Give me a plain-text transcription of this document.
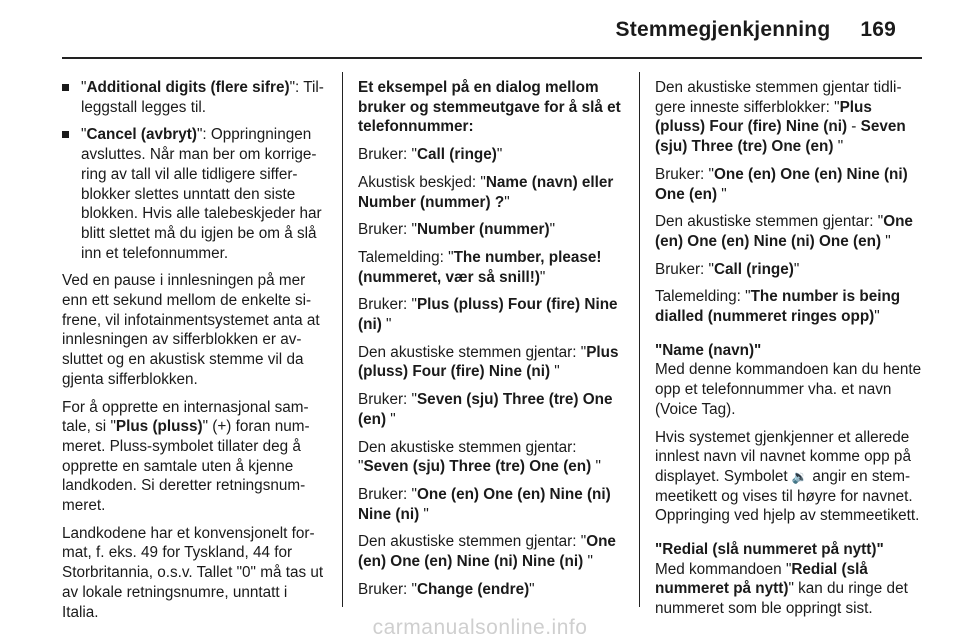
Stemmegjenkjenning 169
"Additional digits (flere sifre)": Tilleggstall legges til.
"Cancel (avbryt)": Oppringningen avsluttes. Når man ber om korrigering av tall vil alle tidligere sifferblokker slettes unntatt den siste blokken. Hvis alle talebeskjeder har blitt slettet må du igjen be om å slå inn et telefonnummer.

Ved en pause i innlesningen på mer enn ett sekund mellom de enkelte sifrene, vil infotainmentsystemet anta at innlesningen av sifferblokken er avsluttet og en akustisk stemme vil da gjenta sifferblokken.

For å opprette en internasjonal samtale, si "Plus (pluss)" (+) foran nummeret. Pluss-symbolet tillater deg å opprette en samtale uten å kjenne landkoden. Si deretter retningsnummeret.

Landkodene har et konvensjonelt format, f. eks. 49 for Tyskland, 44 for Storbritannia, o.s.v. Tallet "0" må tas ut av lokale retningsnumre, unntatt i Italia.

Et eksempel på en dialog mellom bruker og stemmeutgave for å slå et telefonnummer:

Bruker: "Call (ringe)"

Akustisk beskjed: "Name (navn) eller Number (nummer) ?"

Bruker: "Number (nummer)"

Talemelding: "The number, please! (nummeret, vær så snill!)"

Bruker: "Plus (pluss) Four (fire) Nine (ni) "

Den akustiske stemmen gjentar: "Plus (pluss) Four (fire) Nine (ni) "

Bruker: "Seven (sju) Three (tre) One (en) "

Den akustiske stemmen gjentar: "Seven (sju) Three (tre) One (en) "

Bruker: "One (en) One (en) Nine (ni) Nine (ni) "

Den akustiske stemmen gjentar: "One (en) One (en) Nine (ni) Nine (ni) "

Bruker: "Change (endre)"

Den akustiske stemmen gjentar tidligere inneste sifferblokker: "Plus (pluss) Four (fire) Nine (ni) - Seven (sju) Three (tre) One (en) "

Bruker: "One (en) One (en) Nine (ni) One (en) "

Den akustiske stemmen gjentar: "One (en) One (en) Nine (ni) One (en) "

Bruker: "Call (ringe)"

Talemelding: "The number is being dialled (nummeret ringes opp)"

"Name (navn)"

Med denne kommandoen kan du hente opp et telefonnummer vha. et navn (Voice Tag).

Hvis systemet gjenkjenner et allerede innlest navn vil navnet komme opp på displayet. Symbolet 🔉 angir en stemmeetikett og vises til høyre for navnet. Oppringing ved hjelp av stemmeetikett.

"Redial (slå nummeret på nytt)"

Med kommandoen "Redial (slå nummeret på nytt)" kan du ringe det nummeret som ble oppringt sist.

carmanualsonline.info
